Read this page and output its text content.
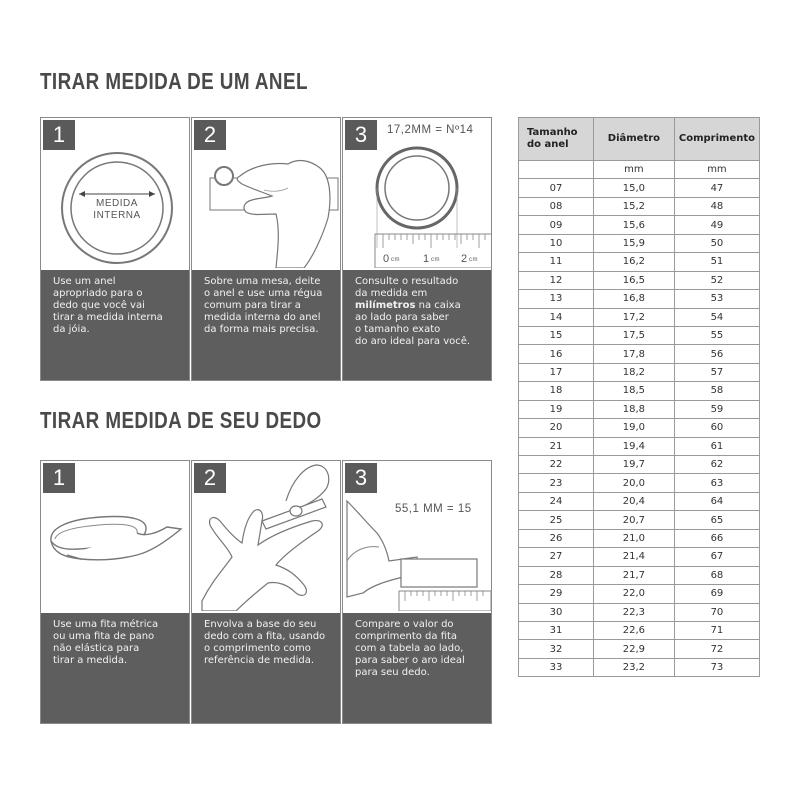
TIRAR MEDIDA DE UM ANEL
MEDIDA
INTERNA
1
Use um anel
apropriado para o
dedo que você vai
tirar a medida interna
da jóia.
2
Sobre uma mesa, deite
o anel e use uma régua
comum para tirar a
medida interna do anel
da forma mais precisa.
17,2MM = Nº14
0 cm 1 cm 2 cm
3
Consulte o resultado
da medida em
milímetros na caixa
ao lado para saber
o tamanho exato
do aro ideal para você.
TIRAR MEDIDA DE SEU DEDO
1
Use uma fita métrica
ou uma fita de pano
não elástica para
tirar a medida.
2
Envolva a base do seu
dedo com a fita, usando
o comprimento como
referência de medida.
55,1 MM = 15
3
Compare o valor do
comprimento da fita
com a tabela ao lado,
para saber o aro ideal
para seu dedo.
Tamanho do anel	Diâmetro	Comprimento
	mm	mm
07	15,0	47
08	15,2	48
09	15,6	49
10	15,9	50
11	16,2	51
12	16,5	52
13	16,8	53
14	17,2	54
15	17,5	55
16	17,8	56
17	18,2	57
18	18,5	58
19	18,8	59
20	19,0	60
21	19,4	61
22	19,7	62
23	20,0	63
24	20,4	64
25	20,7	65
26	21,0	66
27	21,4	67
28	21,7	68
29	22,0	69
30	22,3	70
31	22,6	71
32	22,9	72
33	23,2	73
